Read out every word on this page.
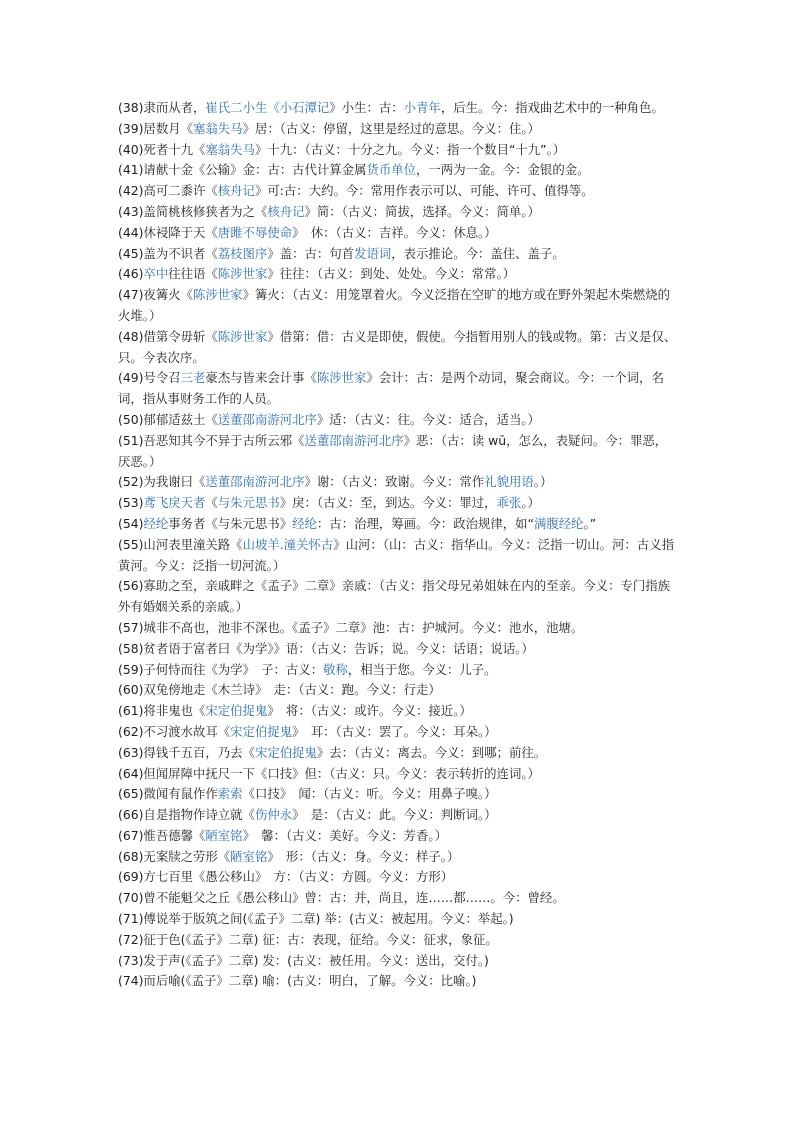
(38)隶而从者，崔氏二小生《小石潭记》小生：古：小青年，后生。今：指戏曲艺术中的一种角色。

(39)居数月《塞翁失马》居：（古义：停留，这里是经过的意思。今义：住。）

(40)死者十九《塞翁失马》十九：（古义：十分之九。今义：指一个数目“十九”。）

(41)请献十金《公输》金：古：古代计算金属货币单位，一两为一金。今：金银的金。

(42)高可二黍许《核舟记》可:古：大约。今：常用作表示可以、可能、许可、值得等。

(43)盖简桃核修狭者为之《核舟记》简：（古义：简拔，选择。今义：简单。）

(44)休祲降于天《唐雎不辱使命》　休：（古义：吉祥。今义：休息。）

(45)盖为不识者《荔枝图序》盖：古：句首发语词，表示推论。今：盖住、盖子。

(46)卒中往往语《陈涉世家》往往：（古义：到处、处处。今义：常常。）

(47)夜篝火《陈涉世家》篝火：（古义：用笼罩着火。今义泛指在空旷的地方或在野外架起木柴燃烧的火堆。）

(48)借第令毋斩《陈涉世家》借第：借：古义是即使，假使。今指暂用别人的钱或物。第：古义是仅、只。今表次序。

(49)号令召三老豪杰与皆来会计事《陈涉世家》会计：古：是两个动词，聚会商议。今：一个词，名词，指从事财务工作的人员。

(50)郁郁适兹土《送董邵南游河北序》适：（古义：往。今义：适合，适当。）

(51)吾恶知其今不异于古所云邪《送董邵南游河北序》恶：（古：读 wū，怎么，表疑问。今：罪恶，厌恶。）

(52)为我谢曰《送董邵南游河北序》谢：（古义：致谢。今义：常作礼貌用语。）

(53)鸢飞戾天者《与朱元思书》戾：（古义：至，到达。今义：罪过，乖张。）

(54)经纶事务者《与朱元思书》经纶：古：治理，筹画。今：政治规律，如“满腹经纶。”

(55)山河表里潼关路《山坡羊.潼关怀古》山河：（山：古义：指华山。今义：泛指一切山。河：古义指黄河。今义：泛指一切河流。）

(56)寡助之至，亲戚畔之《孟子》二章》亲戚：（古义：指父母兄弟姐妹在内的至亲。今义：专门指族外有婚姻关系的亲戚。）

(57)城非不高也，池非不深也。《孟子》二章》池：古：护城河。今义：池水，池塘。

(58)贫者语于富者曰《为学》》语：（古义：告诉；说。今义：话语；说话。）

(59)子何恃而往《为学》　子：古义：敬称，相当于您。今义：儿子。

(60)双兔傍地走《木兰诗》　走：（古义：跑。今义：行走）

(61)将非鬼也《宋定伯捉鬼》　将：（古义：或许。今义：接近。）

(62)不习渡水故耳《宋定伯捉鬼》　耳：（古义：罢了。今义：耳朵。）

(63)得钱千五百，乃去《宋定伯捉鬼》去：（古义：离去。今义：到哪；前往。

(64)但闻屏障中抚尺一下《口技》但：（古义：只。今义：表示转折的连词。）

(65)微闻有鼠作作索索《口技》　闻：（古义：听。今义：用鼻子嗅。）

(66)自是指物作诗立就《伤仲永》　是：（古义：此。今义：判断词。）

(67)惟吾德馨《陋室铭》　馨：（古义：美好。今义：芳香。）

(68)无案牍之劳形《陋室铭》　形：（古义：身。今义：样子。）

(69)方七百里《愚公移山》　方：（古义：方圆。今义：方形）

(70)曾不能魁父之丘《愚公移山》曾：古：并，尚且，连……都……。今：曾经。

(71)傅说举于版筑之间(《孟子》二章) 举：(古义：被起用。今义：举起。)

(72)征于色(《孟子》二章) 征：古：表现，征给。今义：征求，象征。

(73)发于声(《孟子》二章) 发：(古义：被任用。今义：送出，交付。)

(74)而后喻(《孟子》二章) 喻：(古义：明白，了解。今义：比喻。)
